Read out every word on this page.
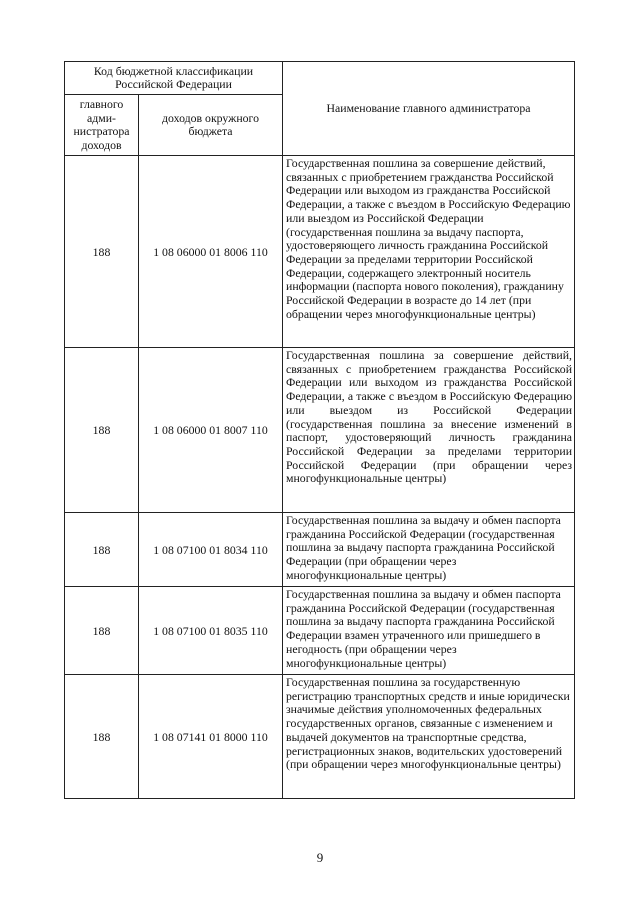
Код бюджетной классификации Российской Федерации		Наименование главного администратора
главного адми-нистратора доходов	доходов окружного бюджета	
188	1 08 06000 01 8006 110	Государственная пошлина за совершение действий, связанных с приобретением гражданства Российской Федерации или выходом из гражданства Российской Федерации, а также с въездом в Российскую Федерацию или выездом из Российской Федерации (государственная пошлина за выдачу паспорта, удостоверяющего личность гражданина Российской Федерации за пределами территории Российской Федерации, содержащего электронный носитель информации (паспорта нового поколения), гражданину Российской Федерации в возрасте до 14 лет (при обращении через многофункциональные центры)
188	1 08 06000 01 8007 110	Государственная пошлина за совершение действий, связанных с приобретением гражданства Российской Федерации или выходом из гражданства Российской Федерации, а также с въездом в Российскую Федерацию или выездом из Российской Федерации (государственная пошлина за внесение изменений в паспорт, удостоверяющий личность гражданина Российской Федерации за пределами территории Российской Федерации (при обращении через многофункциональные центры)
188	1 08 07100 01 8034 110	Государственная пошлина за выдачу и обмен паспорта гражданина Российской Федерации (государственная пошлина за выдачу паспорта гражданина Российской Федерации (при обращении через многофункциональные центры)
188	1 08 07100 01 8035 110	Государственная пошлина за выдачу и обмен паспорта гражданина Российской Федерации (государственная пошлина за выдачу паспорта гражданина Российской Федерации взамен утраченного или пришедшего в негодность (при обращении через многофункциональные центры)
188	1 08 07141 01 8000 110	Государственная пошлина за государственную регистрацию транспортных средств и иные юридически значимые действия уполномоченных федеральных государственных органов, связанные с изменением и выдачей документов на транспортные средства, регистрационных знаков, водительских удостоверений (при обращении через многофункциональные центры)
9
